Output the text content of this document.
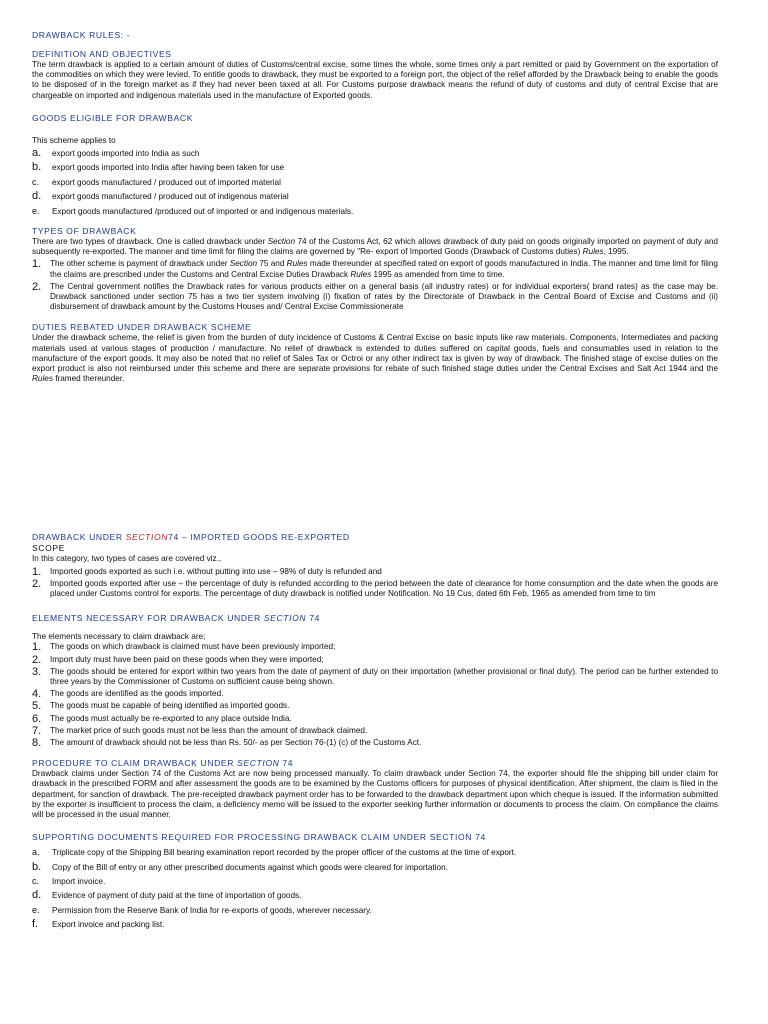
DRAWBACK RULES: -
DEFINITION AND OBJECTIVES

The term drawback is applied to a certain amount of duties of Customs/central excise, some times the whole, some times only a part remitted or paid by Government on the exportation of the commodities on which they were levied. To entitle goods to drawback, they must be exported to a foreign port, the object of the relief afforded by the Drawback being to enable the goods to be disposed of in the foreign market as if they had never been taxed at all. For Customs purpose drawback means the refund of duty of customs and duty of central Excise that are chargeable on imported and indigenous materials used in the manufacture of Exported goods.

GOODS ELIGIBLE FOR DRAWBACK

This scheme applies to

a.	export goods imported into India as such
b.	export goods imported into India after having been taken for use
c.	export goods manufactured / produced out of imported material
d.	export goods manufactured / produced out of indigenous material
e.	Export goods manufactured /produced out of imported or and indigenous materials.
TYPES OF DRAWBACK

There are two types of drawback. One is called drawback under Section 74 of the Customs Act, 62 which allows drawback of duty paid on goods originally imported on payment of duty and subsequently re-exported. The manner and time limit for filing the claims are governed by "Re- export of Imported Goods (Drawback of Customs duties) Rules, 1995.

1.	The other scheme is payment of drawback under Section 75 and Rules made thereunder at specified rated on export of goods manufactured in India. The manner and time limit for filing the claims are prescribed under the Customs and Central Excise Duties Drawback Rules 1995 as amended from time to time.
2.	The Central government notifies the Drawback rates for various products either on a general basis (all industry rates) or for individual exporters( brand rates) as the case may be. Drawback sanctioned under section 75 has a two tier system involving (i) fixation of rates by the Directorate of Drawback in the Central Board of Excise and Customs and (ii) disbursement of drawback amount by the Customs Houses and/ Central Excise Commissionerate
DUTIES REBATED UNDER DRAWBACK SCHEME

Under the drawback scheme, the relief is given from the burden of duty incidence of Customs & Central Excise on basic inputs like raw materials. Components, Intermediates and packing materials used at various stages of production / manufacture. No relief of drawback is extended to duties suffered on capital goods, fuels and consumables used in relation to the manufacture of the export goods. It may also be noted that no relief of Sales Tax or Octroi or any other indirect tax is given by way of drawback. The finished stage of excise duties on the export product is also not reimbursed under this scheme and there are separate provisions for rebate of such finished stage duties under the Central Excises and Salt Act 1944 and the Rules framed thereunder.

DRAWBACK UNDER SECTION74 – IMPORTED GOODS RE-EXPORTED
SCOPE

In this category, two types of cases are covered viz.,

1.	Imported goods exported as such i.e. without putting into use – 98% of duty is refunded and
2.	Imported goods exported after use – the percentage of duty is refunded according to the period between the date of clearance for home consumption and the date when the goods are placed under Customs control for exports. The percentage of duty drawback is notified under Notification. No 19 Cus, dated 6th Feb, 1965 as amended from time to tim
ELEMENTS NECESSARY FOR DRAWBACK UNDER SECTION 74

The elements necessary to claim drawback are;

1.	The goods on which drawback is claimed must have been previously imported;
2.	Import duty must have been paid on these goods when they were imported;
3.	The goods should be entered for export within two years from the date of payment of duty on their importation (whether provisional or final duty). The period can be further extended to three years by the Commissioner of Customs on sufficient cause being shown.
4.	The goods are identified as the goods imported.
5.	The goods must be capable of being identified as imported goods.
6.	The goods must actually be re-exported to any place outside India.
7.	The market price of such goods must not be less than the amount of drawback claimed.
8.	The amount of drawback should not be less than Rs. 50/- as per Section 76-(1) (c) of the Customs Act.
PROCEDURE TO CLAIM DRAWBACK UNDER SECTION 74

Drawback claims under Section 74 of the Customs Act are now being processed manually. To claim drawback under Section 74, the exporter should file the shipping bill under claim for drawback in the prescribed FORM and after assessment the goods are to be examined by the Customs officers for purposes of physical identification. After shipment, the claim is filed in the department, for sanction of drawback. The pre-receipted drawback payment order has to be forwarded to the drawback department upon which cheque is issued. If the information submitted by the exporter is insufficient to process the claim, a deficiency memo will be issued to the exporter seeking further information or documents to process the claim. On compliance the claims will be processed in the usual manner.

SUPPORTING DOCUMENTS REQUIRED FOR PROCESSING DRAWBACK CLAIM UNDER SECTION 74
a.	Triplicate copy of the Shipping Bill bearing examination report recorded by the proper officer of the customs at the time of export.
b.	Copy of the Bill of entry or any other prescribed documents against which goods were cleared for importation.
c.	Import invoice.
d.	Evidence of payment of duty paid at the time of importation of goods.
e.	Permission from the Reserve Bank of India for re-exports of goods, wherever necessary.
f.	Export invoice and packing list.
